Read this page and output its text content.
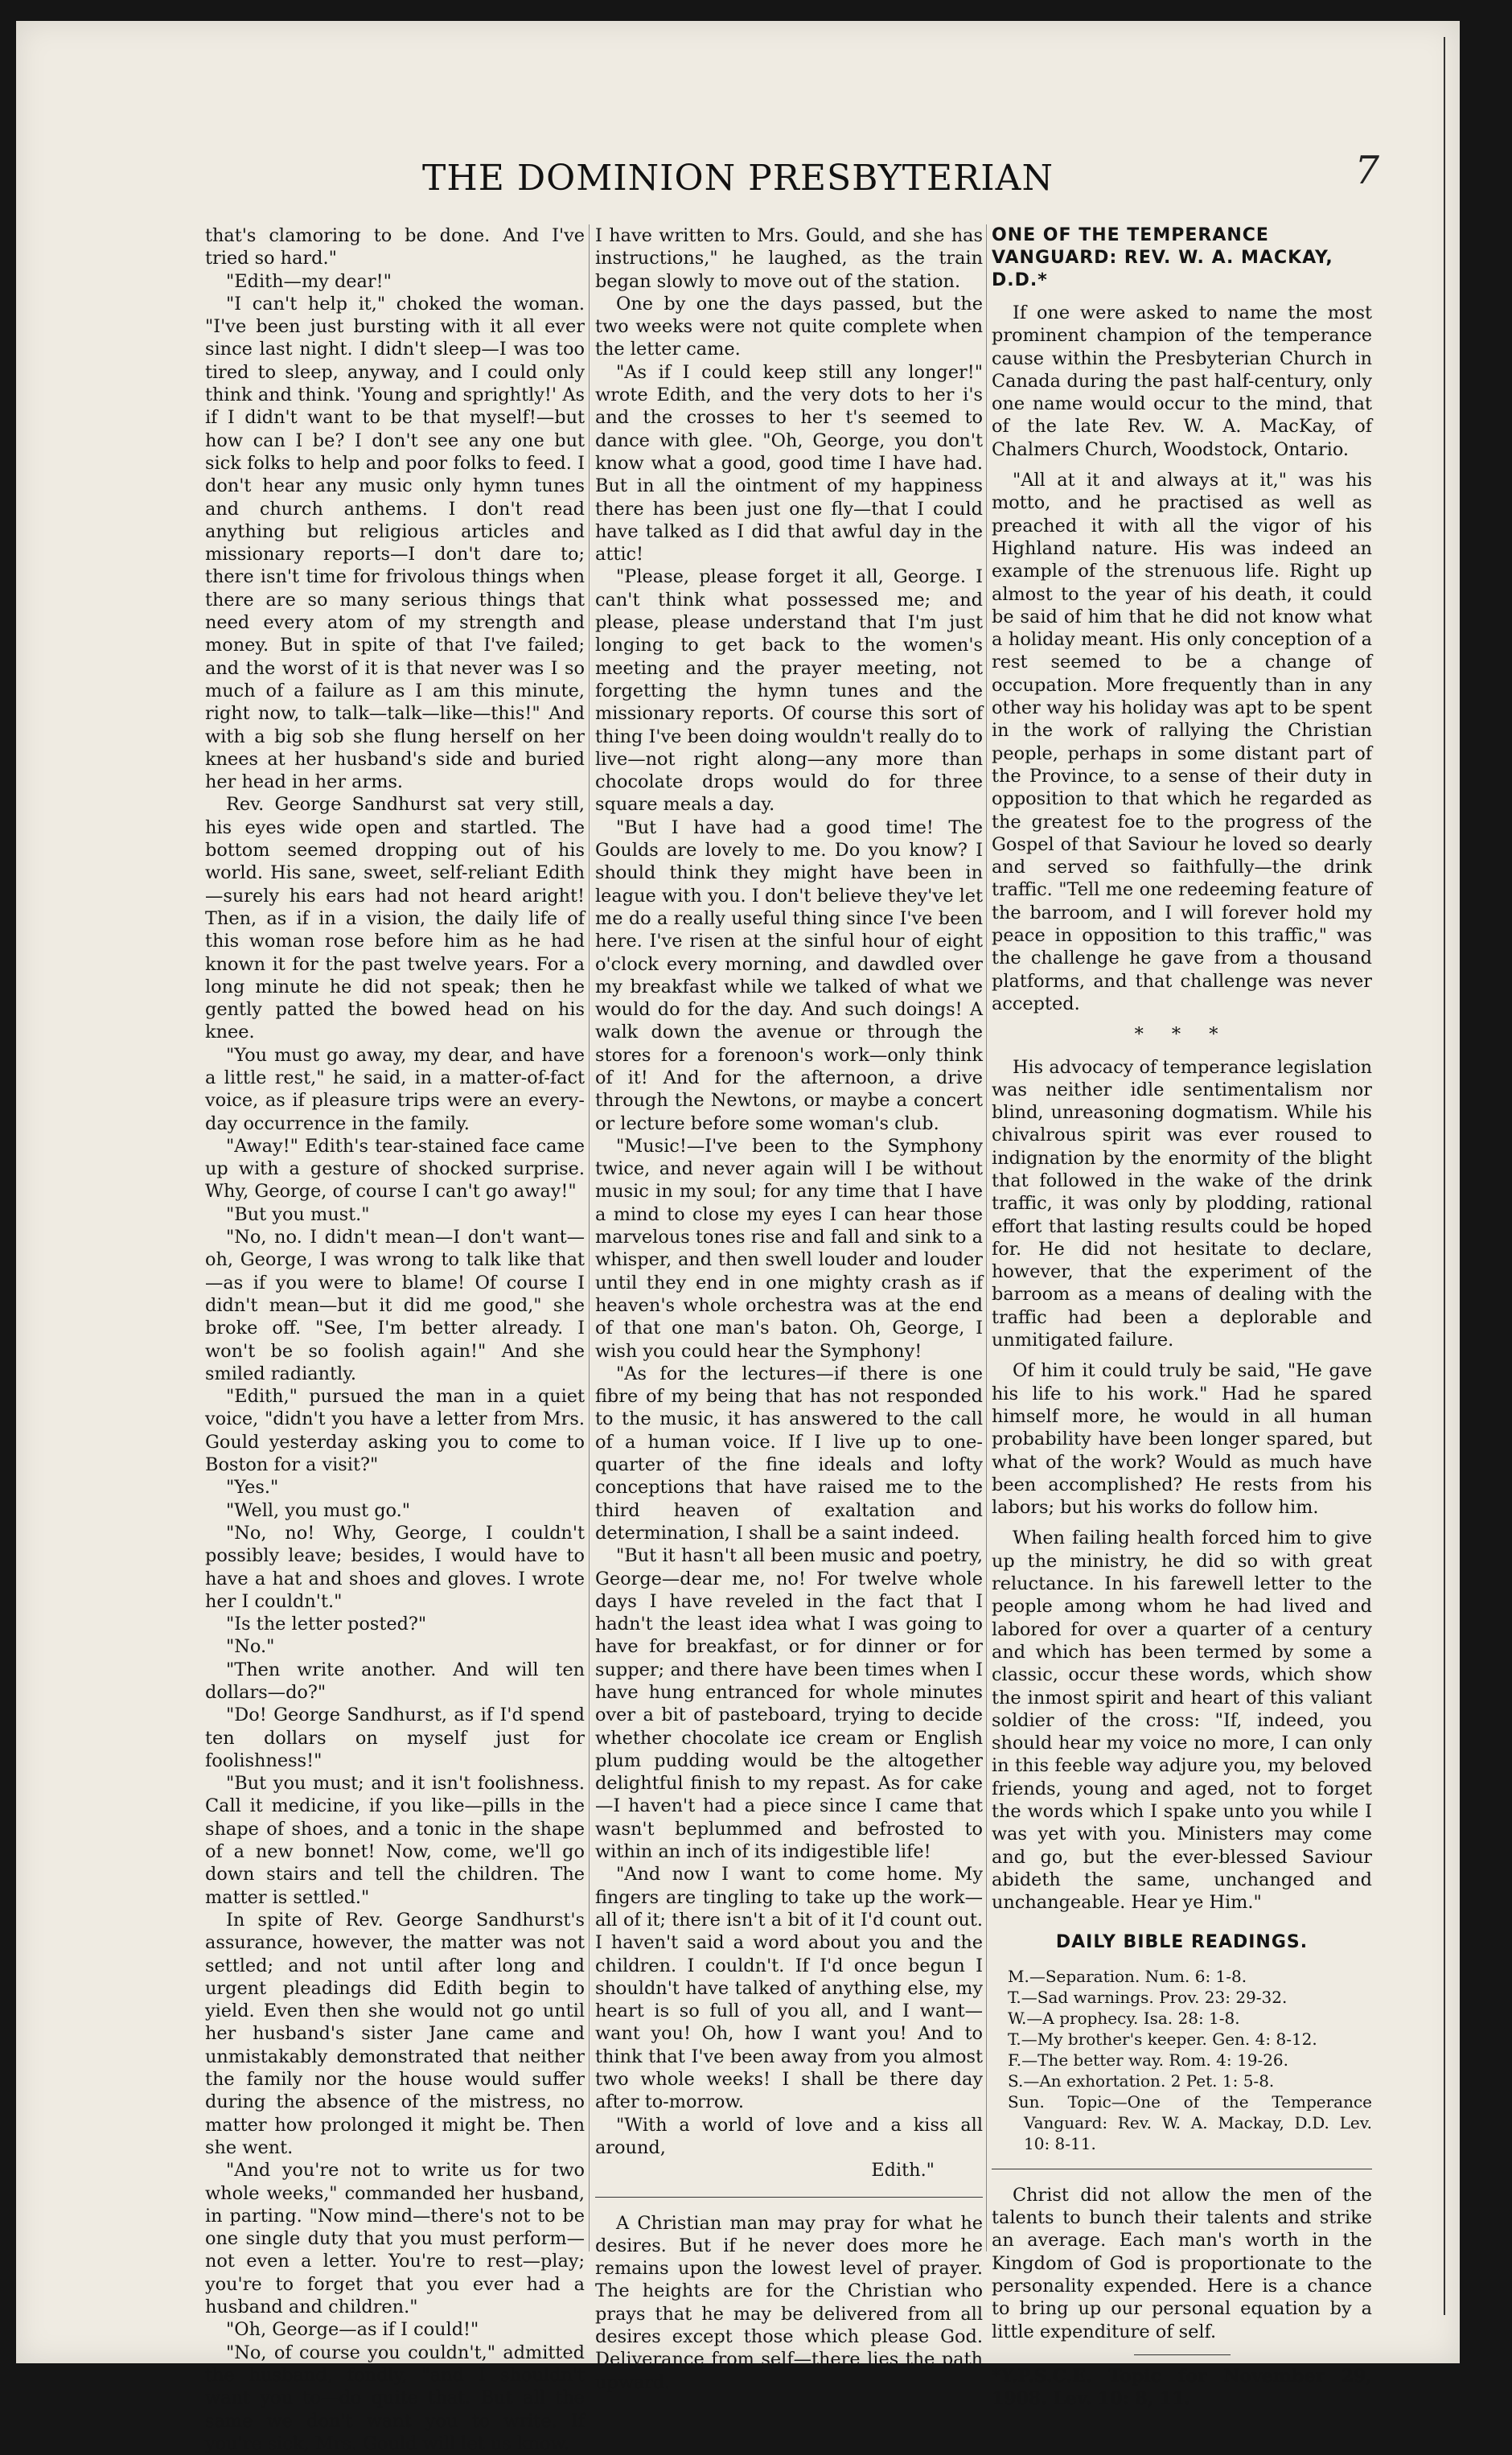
THE DOMINION PRESBYTERIAN	7

that's clamoring to be done. And I've tried so hard."

"Edith—my dear!"

"I can't help it," choked the woman. "I've been just bursting with it all ever since last night. I didn't sleep—I was too tired to sleep, anyway, and I could only think and think. 'Young and sprightly!' As if I didn't want to be that myself!—but how can I be? I don't see any one but sick folks to help and poor folks to feed. I don't hear any music only hymn tunes and church anthems. I don't read anything but religious articles and missionary reports—I don't dare to; there isn't time for frivolous things when there are so many serious things that need every atom of my strength and money. But in spite of that I've failed; and the worst of it is that never was I so much of a failure as I am this minute, right now, to talk—talk—like—this!" And with a big sob she flung herself on her knees at her husband's side and buried her head in her arms.

Rev. George Sandhurst sat very still, his eyes wide open and startled. The bottom seemed dropping out of his world. His sane, sweet, self-reliant Edith—surely his ears had not heard aright! Then, as if in a vision, the daily life of this woman rose before him as he had known it for the past twelve years. For a long minute he did not speak; then he gently patted the bowed head on his knee.

"You must go away, my dear, and have a little rest," he said, in a matter-of-fact voice, as if pleasure trips were an every-day occurrence in the family.

"Away!" Edith's tear-stained face came up with a gesture of shocked surprise. Why, George, of course I can't go away!"

"But you must."

"No, no. I didn't mean—I don't want—oh, George, I was wrong to talk like that—as if you were to blame! Of course I didn't mean—but it did me good," she broke off. "See, I'm better already. I won't be so foolish again!" And she smiled radiantly.

"Edith," pursued the man in a quiet voice, "didn't you have a letter from Mrs. Gould yesterday asking you to come to Boston for a visit?"

"Yes."

"Well, you must go."

"No, no! Why, George, I couldn't possibly leave; besides, I would have to have a hat and shoes and gloves. I wrote her I couldn't."

"Is the letter posted?"

"No."

"Then write another. And will ten dollars—do?"

"Do! George Sandhurst, as if I'd spend ten dollars on myself just for foolishness!"

"But you must; and it isn't foolishness. Call it medicine, if you like—pills in the shape of shoes, and a tonic in the shape of a new bonnet! Now, come, we'll go down stairs and tell the children. The matter is settled."

In spite of Rev. George Sandhurst's assurance, however, the matter was not settled; and not until after long and urgent pleadings did Edith begin to yield. Even then she would not go until her husband's sister Jane came and unmistakably demonstrated that neither the family nor the house would suffer during the absence of the mistress, no matter how prolonged it might be. Then she went.

"And you're not to write us for two whole weeks," commanded her husband, in parting. "Now mind—there's not to be one single duty that you must perform—not even a letter. You're to rest—play; you're to forget that you ever had a husband and children."

"Oh, George—as if I could!"

"No, of course you couldn't," admitted the husband, fondly, "and I shouldn't want you to—do quite that. But all the same we don't want you to write. If you're sick, Mrs. Gould will let us know.

I have written to Mrs. Gould, and she has instructions," he laughed, as the train began slowly to move out of the station.

One by one the days passed, but the two weeks were not quite complete when the letter came.

"As if I could keep still any longer!" wrote Edith, and the very dots to her i's and the crosses to her t's seemed to dance with glee. "Oh, George, you don't know what a good, good time I have had. But in all the ointment of my happiness there has been just one fly—that I could have talked as I did that awful day in the attic!

"Please, please forget it all, George. I can't think what possessed me; and please, please understand that I'm just longing to get back to the women's meeting and the prayer meeting, not forgetting the hymn tunes and the missionary reports. Of course this sort of thing I've been doing wouldn't really do to live—not right along—any more than chocolate drops would do for three square meals a day.

"But I have had a good time! The Goulds are lovely to me. Do you know? I should think they might have been in league with you. I don't believe they've let me do a really useful thing since I've been here. I've risen at the sinful hour of eight o'clock every morning, and dawdled over my breakfast while we talked of what we would do for the day. And such doings! A walk down the avenue or through the stores for a forenoon's work—only think of it! And for the afternoon, a drive through the Newtons, or maybe a concert or lecture before some woman's club.

"Music!—I've been to the Symphony twice, and never again will I be without music in my soul; for any time that I have a mind to close my eyes I can hear those marvelous tones rise and fall and sink to a whisper, and then swell louder and louder until they end in one mighty crash as if heaven's whole orchestra was at the end of that one man's baton. Oh, George, I wish you could hear the Symphony!

"As for the lectures—if there is one fibre of my being that has not responded to the music, it has answered to the call of a human voice. If I live up to one-quarter of the fine ideals and lofty conceptions that have raised me to the third heaven of exaltation and determination, I shall be a saint indeed.

"But it hasn't all been music and poetry, George—dear me, no! For twelve whole days I have reveled in the fact that I hadn't the least idea what I was going to have for breakfast, or for dinner or for supper; and there have been times when I have hung entranced for whole minutes over a bit of pasteboard, trying to decide whether chocolate ice cream or English plum pudding would be the altogether delightful finish to my repast. As for cake—I haven't had a piece since I came that wasn't beplummed and befrosted to within an inch of its indigestible life!

"And now I want to come home. My fingers are tingling to take up the work—all of it; there isn't a bit of it I'd count out. I haven't said a word about you and the children. I couldn't. If I'd once begun I shouldn't have talked of anything else, my heart is so full of you all, and I want—want you! Oh, how I want you! And to think that I've been away from you almost two whole weeks! I shall be there day after to-morrow.

"With a world of love and a kiss all around,

Edith."

A Christian man may pray for what he desires. But if he never does more he remains upon the lowest level of prayer. The heights are for the Christian who prays that he may be delivered from all desires except those which please God. Deliverance from self—there lies the path upward.

ONE OF THE TEMPERANCE VANGUARD: REV. W. A. MACKAY, D.D.*

If one were asked to name the most prominent champion of the temperance cause within the Presbyterian Church in Canada during the past half-century, only one name would occur to the mind, that of the late Rev. W. A. MacKay, of Chalmers Church, Woodstock, Ontario.

"All at it and always at it," was his motto, and he practised as well as preached it with all the vigor of his Highland nature. His was indeed an example of the strenuous life. Right up almost to the year of his death, it could be said of him that he did not know what a holiday meant. His only conception of a rest seemed to be a change of occupation. More frequently than in any other way his holiday was apt to be spent in the work of rallying the Christian people, perhaps in some distant part of the Province, to a sense of their duty in opposition to that which he regarded as the greatest foe to the progress of the Gospel of that Saviour he loved so dearly and served so faithfully—the drink traffic. "Tell me one redeeming feature of the barroom, and I will forever hold my peace in opposition to this traffic," was the challenge he gave from a thousand platforms, and that challenge was never accepted.

* * *

His advocacy of temperance legislation was neither idle sentimentalism nor blind, unreasoning dogmatism. While his chivalrous spirit was ever roused to indignation by the enormity of the blight that followed in the wake of the drink traffic, it was only by plodding, rational effort that lasting results could be hoped for. He did not hesitate to declare, however, that the experiment of the barroom as a means of dealing with the traffic had been a deplorable and unmitigated failure.

Of him it could truly be said, "He gave his life to his work." Had he spared himself more, he would in all human probability have been longer spared, but what of the work? Would as much have been accomplished? He rests from his labors; but his works do follow him.

When failing health forced him to give up the ministry, he did so with great reluctance. In his farewell letter to the people among whom he had lived and labored for over a quarter of a century and which has been termed by some a classic, occur these words, which show the inmost spirit and heart of this valiant soldier of the cross: "If, indeed, you should hear my voice no more, I can only in this feeble way adjure you, my beloved friends, young and aged, not to forget the words which I spake unto you while I was yet with you. Ministers may come and go, but the ever-blessed Saviour abideth the same, unchanged and unchangeable. Hear ye Him."

DAILY BIBLE READINGS.
M.—Separation. Num. 6: 1-8.
T.—Sad warnings. Prov. 23: 29-32.
W.—A prophecy. Isa. 28: 1-8.
T.—My brother's keeper. Gen. 4: 8-12.
F.—The better way. Rom. 4: 19-26.
S.—An exhortation. 2 Pet. 1: 5-8.
Sun. Topic—One of the Temperance Vanguard: Rev. W. A. Mackay, D.D. Lev. 10: 8-11.

Christ did not allow the men of the talents to bunch their talents and strike an average. Each man's worth in the Kingdom of God is proportionate to the personality expended. Here is a chance to bring up our personal equation by a little expenditure of self.

*Y.P.S.C.E. Topic for November 29, 1908. Lev. 10: 8, 11.
